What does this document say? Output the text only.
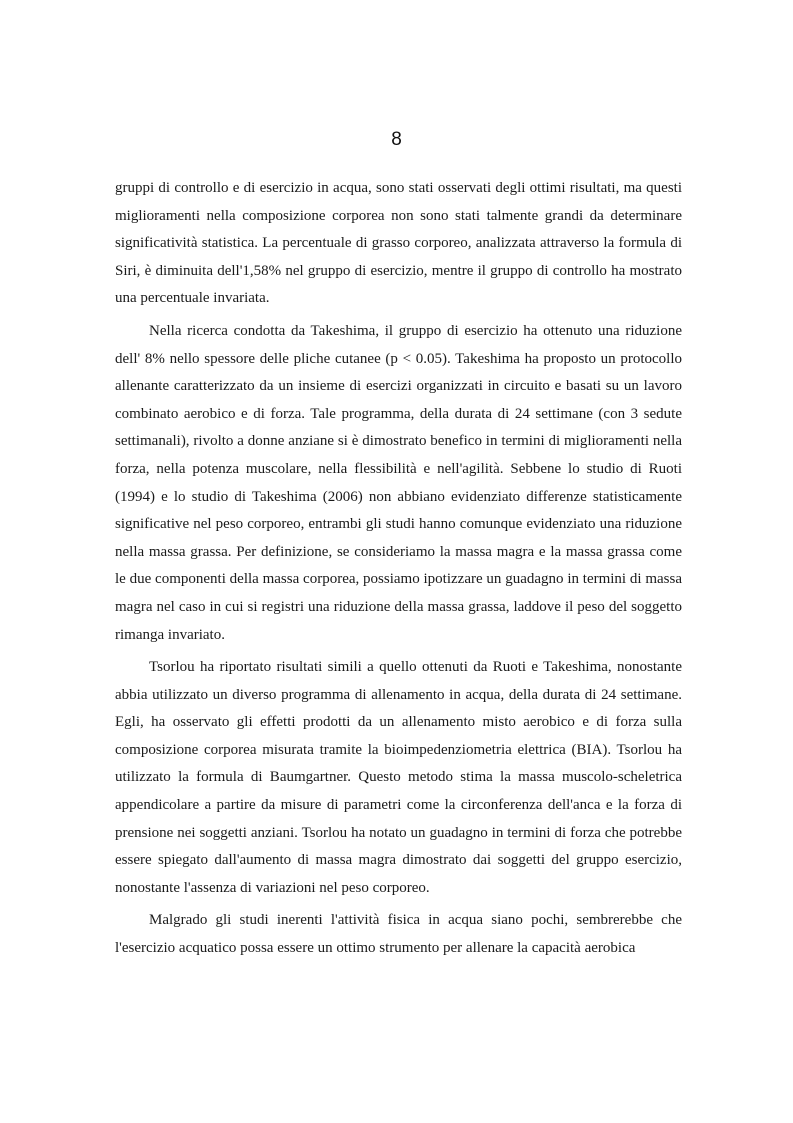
8

gruppi di controllo e di esercizio in acqua, sono stati osservati degli ottimi risultati, ma questi miglioramenti nella composizione corporea non sono stati talmente grandi da determinare significatività statistica. La percentuale di grasso corporeo, analizzata attraverso la formula di Siri, è diminuita dell'1,58% nel gruppo di esercizio, mentre il gruppo di controllo ha mostrato una percentuale invariata.

Nella ricerca condotta da Takeshima, il gruppo di esercizio ha ottenuto una riduzione dell' 8% nello spessore delle pliche cutanee (p < 0.05). Takeshima ha proposto un protocollo allenante caratterizzato da un insieme di esercizi organizzati in circuito e basati su un lavoro combinato aerobico e di forza. Tale programma, della durata di 24 settimane (con 3 sedute settimanali), rivolto a donne anziane si è dimostrato benefico in termini di miglioramenti nella forza, nella potenza muscolare, nella flessibilità e nell'agilità. Sebbene lo studio di Ruoti (1994) e lo studio di Takeshima (2006) non abbiano evidenziato differenze statisticamente significative nel peso corporeo, entrambi gli studi hanno comunque evidenziato una riduzione nella massa grassa. Per definizione, se consideriamo la massa magra e la massa grassa come le due componenti della massa corporea, possiamo ipotizzare un guadagno in termini di massa magra nel caso in cui si registri una riduzione della massa grassa, laddove il peso del soggetto rimanga invariato.

Tsorlou ha riportato risultati simili a quello ottenuti da Ruoti e Takeshima, nonostante abbia utilizzato un diverso programma di allenamento in acqua, della durata di 24 settimane. Egli, ha osservato gli effetti prodotti da un allenamento misto aerobico e di forza sulla composizione corporea misurata tramite la bioimpedenziometria elettrica (BIA). Tsorlou ha utilizzato la formula di Baumgartner. Questo metodo stima la massa muscolo-scheletrica appendicolare a partire da misure di parametri come la circonferenza dell'anca e la forza di prensione nei soggetti anziani. Tsorlou ha notato un guadagno in termini di forza che potrebbe essere spiegato dall'aumento di massa magra dimostrato dai soggetti del gruppo esercizio, nonostante l'assenza di variazioni nel peso corporeo.

Malgrado gli studi inerenti l'attività fisica in acqua siano pochi, sembrerebbe che l'esercizio acquatico possa essere un ottimo strumento per allenare la capacità aerobica
